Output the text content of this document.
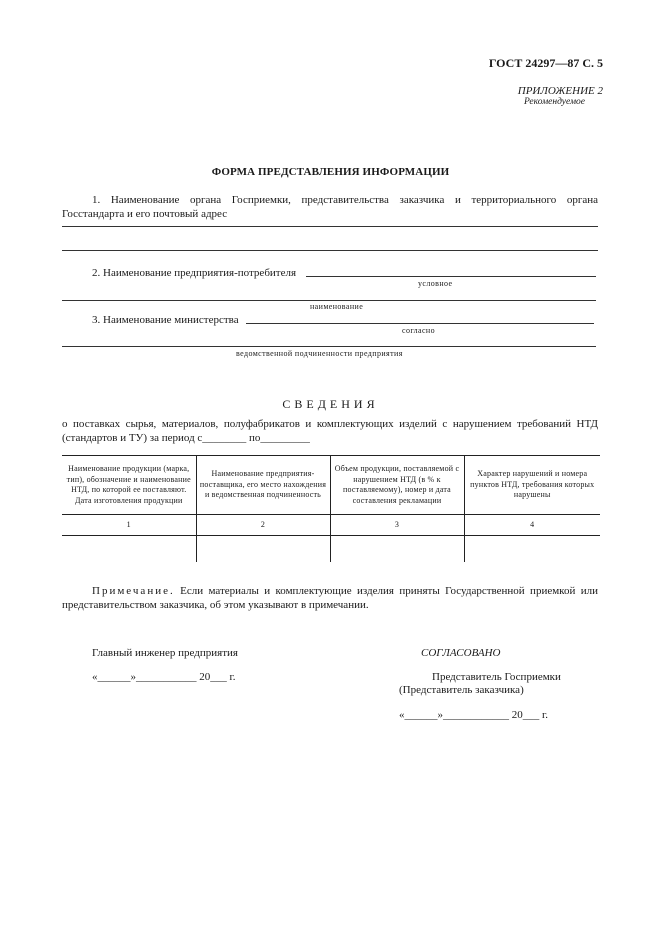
ГОСТ 24297—87 С. 5
ПРИЛОЖЕНИЕ 2
Рекомендуемое
ФОРМА ПРЕДСТАВЛЕНИЯ ИНФОРМАЦИИ
1. Наименование органа Госприемки, представительства заказчика и территориального органа Госстандарта и его почтовый адрес
2. Наименование предприятия-потребителя
условное
наименование
3. Наименование министерства
согласно
ведомственной подчиненности предприятия
СВЕДЕНИЯ
о поставках сырья, материалов, полуфабрикатов и комплектующих изделий с нарушением требований НТД (стандартов и ТУ) за период с________ по_________
Наименование продукции (марка, тип), обозначение и наименование НТД, по которой ее поставляют. Дата изготовления продукции	Наименование предприятия-поставщика, его место нахождения и ведомственная подчиненность	Объем продукции, поставляемой с нарушением НТД (в % к поставляемому), номер и дата составления рекламации	Характер нарушений и номера пунктов НТД, требования которых нарушены
1	2	3	4

Примечание. Если материалы и комплектующие изделия приняты Государственной приемкой или представительством заказчика, об этом указывают в примечании.
Главный инженер предприятия
«______»___________ 20___ г.
СОГЛАСОВАНО
Представитель Госприемки
(Представитель заказчика)
«______»____________ 20___ г.
